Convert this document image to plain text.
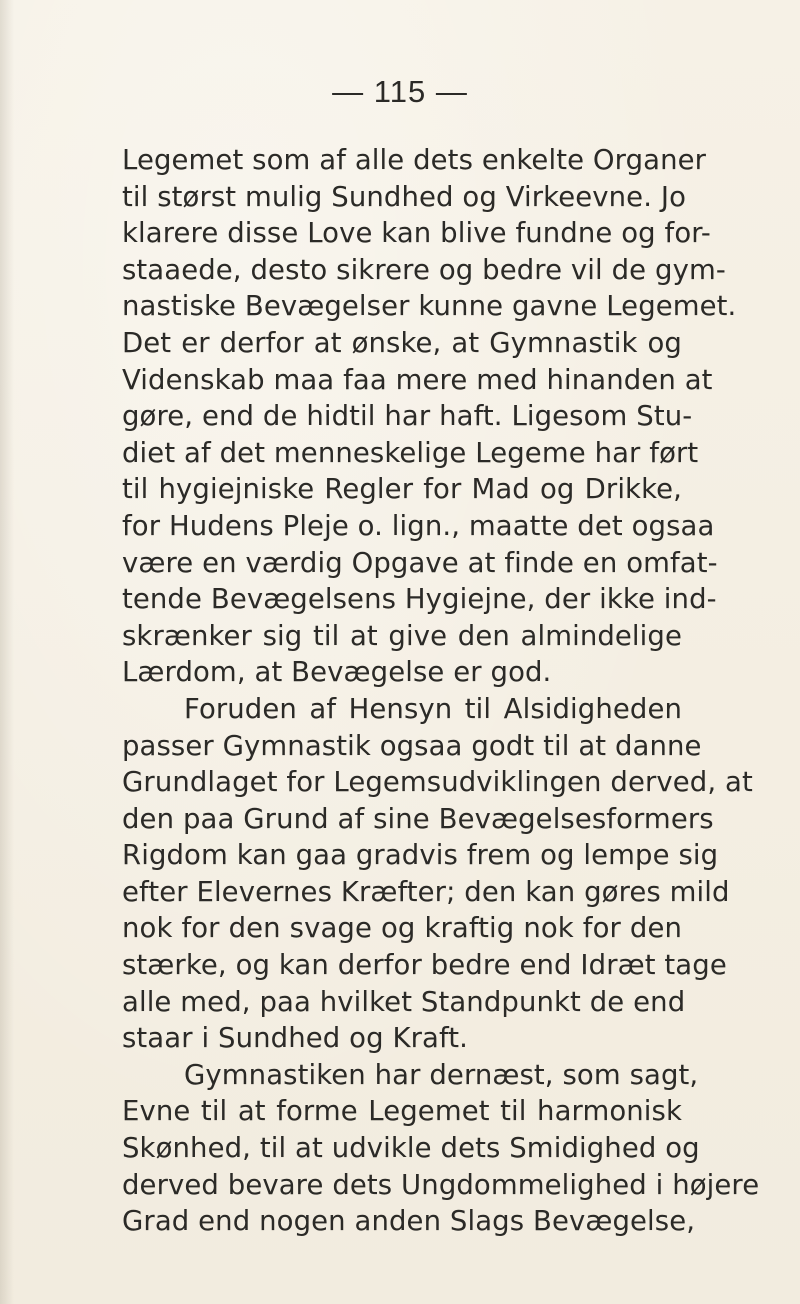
— 115 —
Legemet som af alle dets enkelte Organer
til størst mulig Sundhed og Virkeevne. Jo
klarere disse Love kan blive fundne og for-
staaede, desto sikrere og bedre vil de gym-
nastiske Bevægelser kunne gavne Legemet.
Det er derfor at ønske, at Gymnastik og
Videnskab maa faa mere med hinanden at
gøre, end de hidtil har haft. Ligesom Stu-
diet af det menneskelige Legeme har ført
til hygiejniske Regler for Mad og Drikke,
for Hudens Pleje o. lign., maatte det ogsaa
være en værdig Opgave at finde en omfat-
tende Bevægelsens Hygiejne, der ikke ind-
skrænker sig til at give den almindelige
Lærdom, at Bevægelse er god.
Foruden af Hensyn til Alsidigheden
passer Gymnastik ogsaa godt til at danne
Grundlaget for Legemsudviklingen derved, at
den paa Grund af sine Bevægelsesformers
Rigdom kan gaa gradvis frem og lempe sig
efter Elevernes Kræfter; den kan gøres mild
nok for den svage og kraftig nok for den
stærke, og kan derfor bedre end Idræt tage
alle med, paa hvilket Standpunkt de end
staar i Sundhed og Kraft.
Gymnastiken har dernæst, som sagt,
Evne til at forme Legemet til harmonisk
Skønhed, til at udvikle dets Smidighed og
derved bevare dets Ungdommelighed i højere
Grad end nogen anden Slags Bevægelse,
